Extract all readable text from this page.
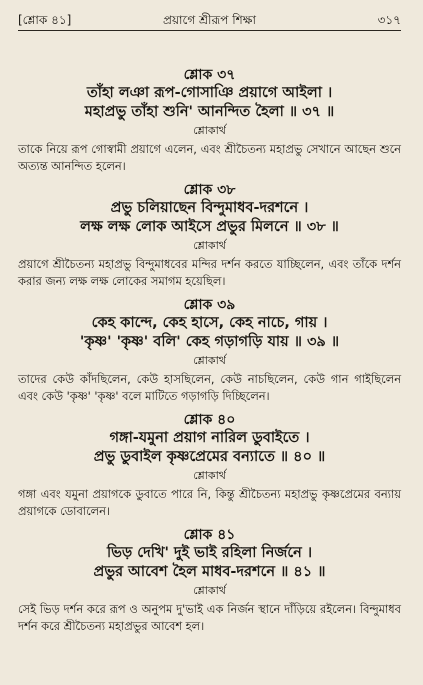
[শ্লোক ৪১]	প্রয়াগে শ্রীরূপ শিক্ষা	৩১৭

শ্লোক ৩৭

তাঁহা লঞা রূপ-গোসাঞি প্রয়াগে আইলা ।

মহাপ্রভু তাঁহা শুনি' আনন্দিত হৈলা ॥ ৩৭ ॥

শ্লোকার্থ

তাকে নিয়ে রূপ গোস্বামী প্রয়াগে এলেন, এবং শ্রীচৈতন্য মহাপ্রভু সেখানে আছেন শুনে অত্যন্ত আনন্দিত হলেন।

শ্লোক ৩৮

প্রভু চলিয়াছেন বিন্দুমাধব-দরশনে ।

লক্ষ লক্ষ লোক আইসে প্রভুর মিলনে ॥ ৩৮ ॥

শ্লোকার্থ

প্রয়াগে শ্রীচৈতন্য মহাপ্রভু বিন্দুমাধবের মন্দির দর্শন করতে যাচ্ছিলেন, এবং তাঁকে দর্শন করার জন্য লক্ষ লক্ষ লোকের সমাগম হয়েছিল।

শ্লোক ৩৯

কেহ কান্দে, কেহ হাসে, কেহ নাচে, গায় ।

'কৃষ্ণ' 'কৃষ্ণ' বলি' কেহ গড়াগড়ি যায় ॥ ৩৯ ॥

শ্লোকার্থ

তাদের কেউ কাঁদছিলেন, কেউ হাসছিলেন, কেউ নাচছিলেন, কেউ গান গাইছিলেন এবং কেউ 'কৃষ্ণ' 'কৃষ্ণ' বলে মাটিতে গড়াগড়ি দিচ্ছিলেন।

শ্লোক ৪০

গঙ্গা-যমুনা প্রয়াগ নারিল ডুবাইতে ।

প্রভু ডুবাইল কৃষ্ণপ্রেমের বন্যাতে ॥ ৪০ ॥

শ্লোকার্থ

গঙ্গা এবং যমুনা প্রয়াগকে ডুবাতে পারে নি, কিন্তু শ্রীচৈতন্য মহাপ্রভু কৃষ্ণপ্রেমের বন্যায় প্রয়াগকে ডোবালেন।

শ্লোক ৪১

ভিড় দেখি' দুই ভাই রহিলা নির্জনে ।

প্রভুর আবেশ হৈল মাধব-দরশনে ॥ ৪১ ॥

শ্লোকার্থ

সেই ভিড় দর্শন করে রূপ ও অনুপম দু'ভাই এক নির্জন স্থানে দাঁড়িয়ে রইলেন। বিন্দুমাধব দর্শন করে শ্রীচৈতন্য মহাপ্রভুর আবেশ হল।
